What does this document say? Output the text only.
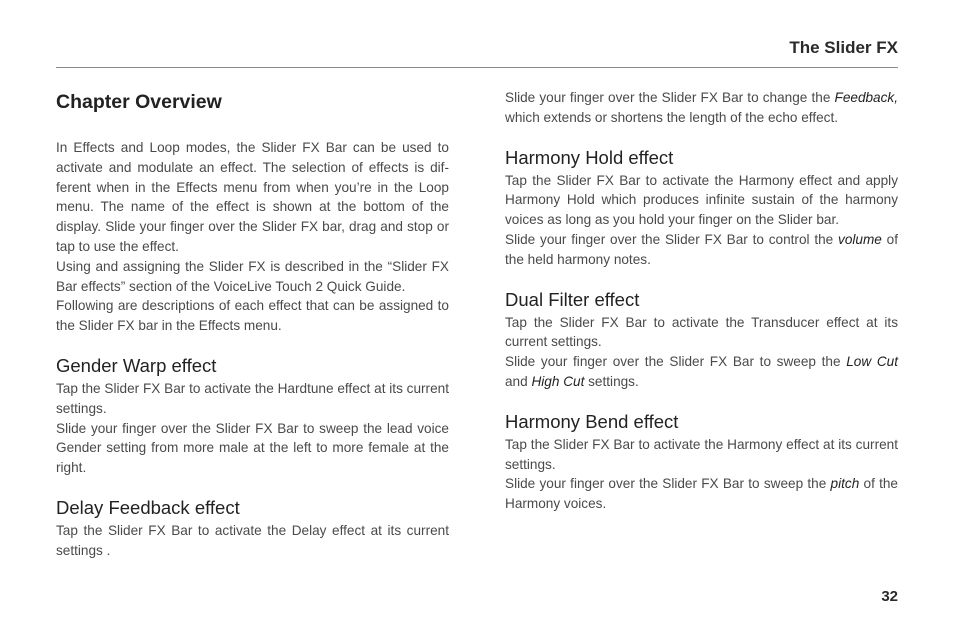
The Slider FX
Chapter Overview

In Effects and Loop modes, the Slider FX Bar can be used to activate and modulate an effect. The selection of effects is dif-ferent when in the Effects menu from when you’re in the Loop menu. The name of the effect is shown at the bottom of the display. Slide your finger over the Slider FX bar, drag and stop or tap to use the effect.

Using and assigning the Slider FX is described in the “Slider FX Bar effects” section of the VoiceLive Touch 2 Quick Guide.

Following are descriptions of each effect that can be assigned to the Slider FX bar in the Effects menu.

Gender Warp effect

Tap the Slider FX Bar to activate the Hardtune effect at its current settings.

Slide your finger over the Slider FX Bar to sweep the lead voice Gender setting from more male at the left to more female at the right.

Delay Feedback effect

Tap the Slider FX Bar to activate the Delay effect at its current settings .

Slide your finger over the Slider FX Bar to change the Feedback, which extends or shortens the length of the echo effect.

Harmony Hold effect

Tap the Slider FX Bar to activate the Harmony effect and apply Harmony Hold which produces infinite sustain of the harmony voices as long as you hold your finger on the Slider bar.

Slide your finger over the Slider FX Bar to control the volume of the held harmony notes.

Dual Filter effect

Tap the Slider FX Bar to activate the Transducer effect at its current settings.

Slide your finger over the Slider FX Bar to sweep the Low Cut and High Cut settings.

Harmony Bend effect

Tap the Slider FX Bar to activate the Harmony effect at its current settings.

Slide your finger over the Slider FX Bar to sweep the pitch of the Harmony voices.

32
